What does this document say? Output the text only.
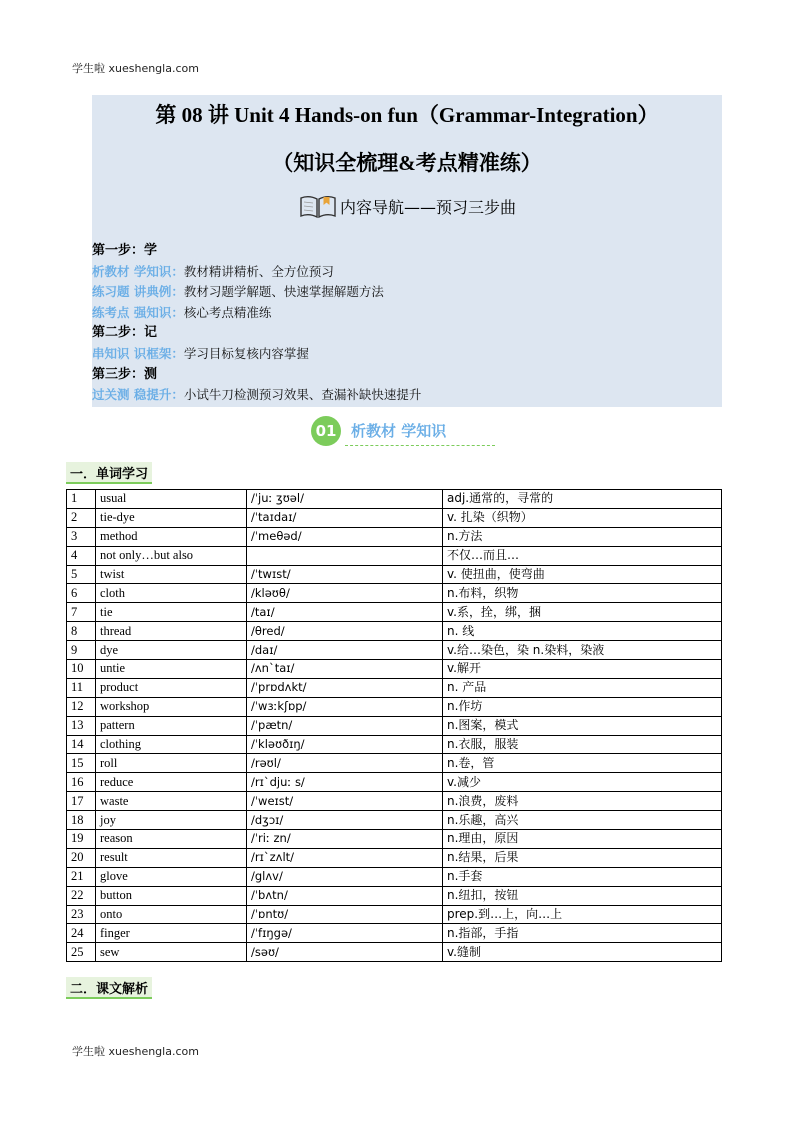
学生啦 xueshengla.com
第 08 讲 Unit 4 Hands-on fun（Grammar-Integration）
（知识全梳理&考点精准练）
内容导航——预习三步曲
第一步：学
析教材 学知识：教材精讲精析、全方位预习
练习题 讲典例：教材习题学解题、快速掌握解题方法
练考点 强知识：核心考点精准练
第二步：记
串知识 识框架：学习目标复核内容掌握
第三步：测
过关测 稳提升：小试牛刀检测预习效果、查漏补缺快速提升
01 析教材 学知识
一．单词学习
1	usual	/ˈjuː ʒʊəl/	adj.通常的，寻常的
2	tie-dye	/ˈtaɪdaɪ/	v. 扎染（织物）
3	method	/ˈmeθəd/	n.方法
4	not only…but also		不仅…而且…
5	twist	/ˈtwɪst/	v. 使扭曲，使弯曲
6	cloth	/kləʊθ/	n.布料，织物
7	tie	/taɪ/	v.系，拴，绑，捆
8	thread	/θred/	n. 线
9	dye	/daɪ/	v.给…染色，染 n.染料，染液
10	untie	/ʌnˋtaɪ/	v.解开
11	product	/ˈprɒdʌkt/	n. 产品
12	workshop	/ˈwɜːkʃɒp/	n.作坊
13	pattern	/ˈpætn/	n.图案，模式
14	clothing	/ˈkləʊðɪŋ/	n.衣服，服装
15	roll	/rəʊl/	n.卷，管
16	reduce	/rɪˋdjuː s/	v.减少
17	waste	/ˈweɪst/	n.浪费，废料
18	joy	/dʒɔɪ/	n.乐趣，高兴
19	reason	/ˈriː zn/	n.理由，原因
20	result	/rɪˋzʌlt/	n.结果，后果
21	glove	/glʌv/	n.手套
22	button	/ˈbʌtn/	n.纽扣，按钮
23	onto	/ˈɒntʊ/	prep.到…上，向…上
24	finger	/ˈfɪŋgə/	n.指部，手指
25	sew	/səʊ/	v.缝制
二．课文解析
学生啦 xueshengla.com
